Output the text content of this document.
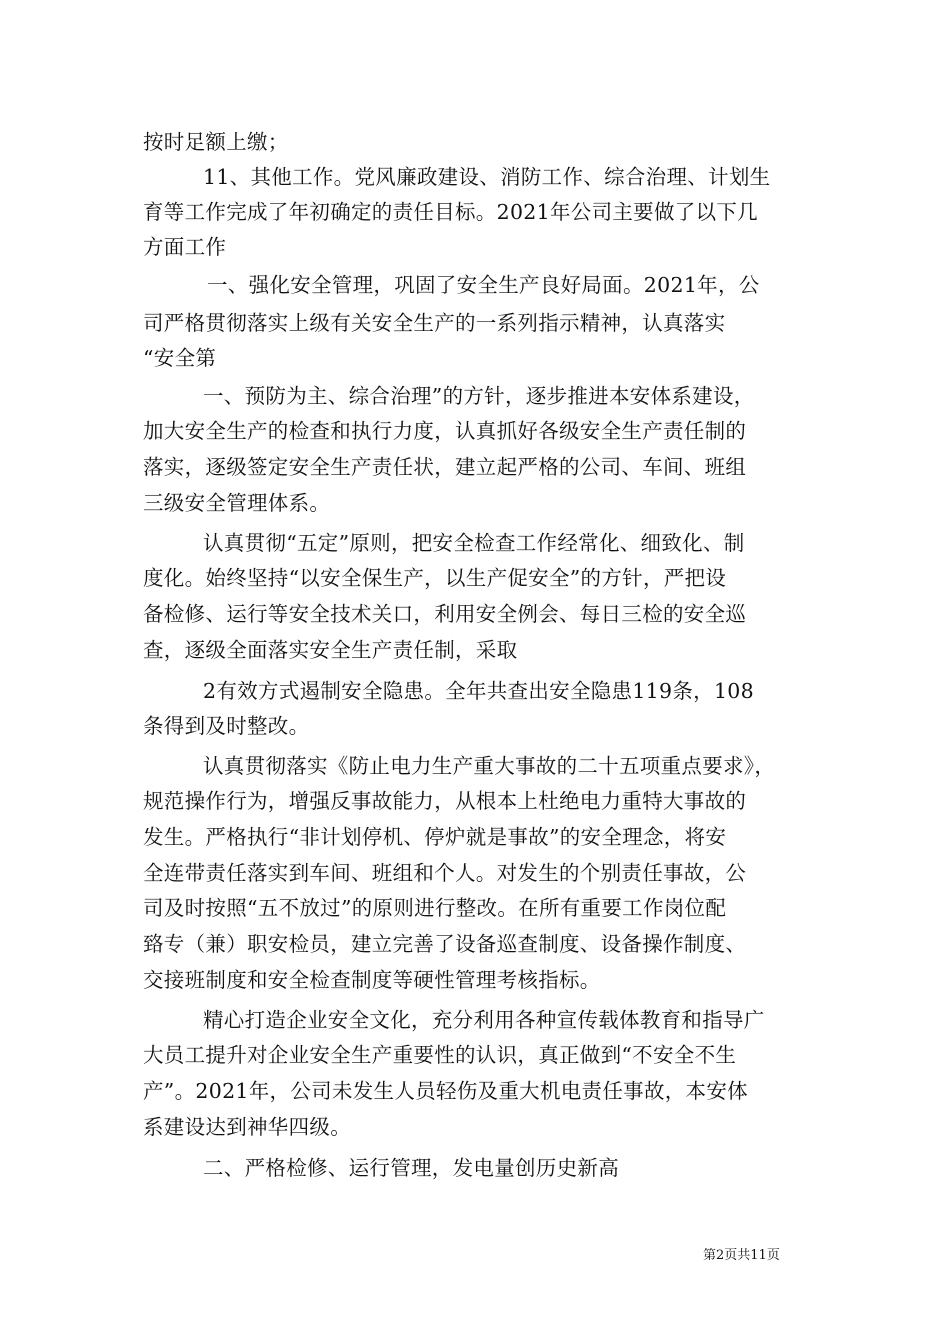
按时足额上缴；
11、其他工作。党风廉政建设、消防工作、综合治理、计划生
育等工作完成了年初确定的责任目标。2021年公司主要做了以下几
方面工作
一、强化安全管理，巩固了安全生产良好局面。2021年，公
司严格贯彻落实上级有关安全生产的一系列指示精神，认真落实
“安全第
一、预防为主、综合治理”的方针，逐步推进本安体系建设，
加大安全生产的检查和执行力度，认真抓好各级安全生产责任制的
落实，逐级签定安全生产责任状，建立起严格的公司、车间、班组
三级安全管理体系。
认真贯彻“五定”原则，把安全检查工作经常化、细致化、制
度化。始终坚持“以安全保生产，以生产促安全”的方针，严把设
备检修、运行等安全技术关口，利用安全例会、每日三检的安全巡
查，逐级全面落实安全生产责任制，采取
2有效方式遏制安全隐患。全年共查出安全隐患119条，108
条得到及时整改。
认真贯彻落实《防止电力生产重大事故的二十五项重点要求》，
规范操作行为，增强反事故能力，从根本上杜绝电力重特大事故的
发生。严格执行“非计划停机、停炉就是事故”的安全理念，将安
全连带责任落实到车间、班组和个人。对发生的个别责任事故，公
司及时按照“五不放过”的原则进行整改。在所有重要工作岗位配
臵专（兼）职安检员，建立完善了设备巡查制度、设备操作制度、
交接班制度和安全检查制度等硬性管理考核指标。
精心打造企业安全文化，充分利用各种宣传载体教育和指导广
大员工提升对企业安全生产重要性的认识，真正做到“不安全不生
产”。2021年，公司未发生人员轻伤及重大机电责任事故，本安体
系建设达到神华四级。
二、严格检修、运行管理，发电量创历史新高
第2页共11页
